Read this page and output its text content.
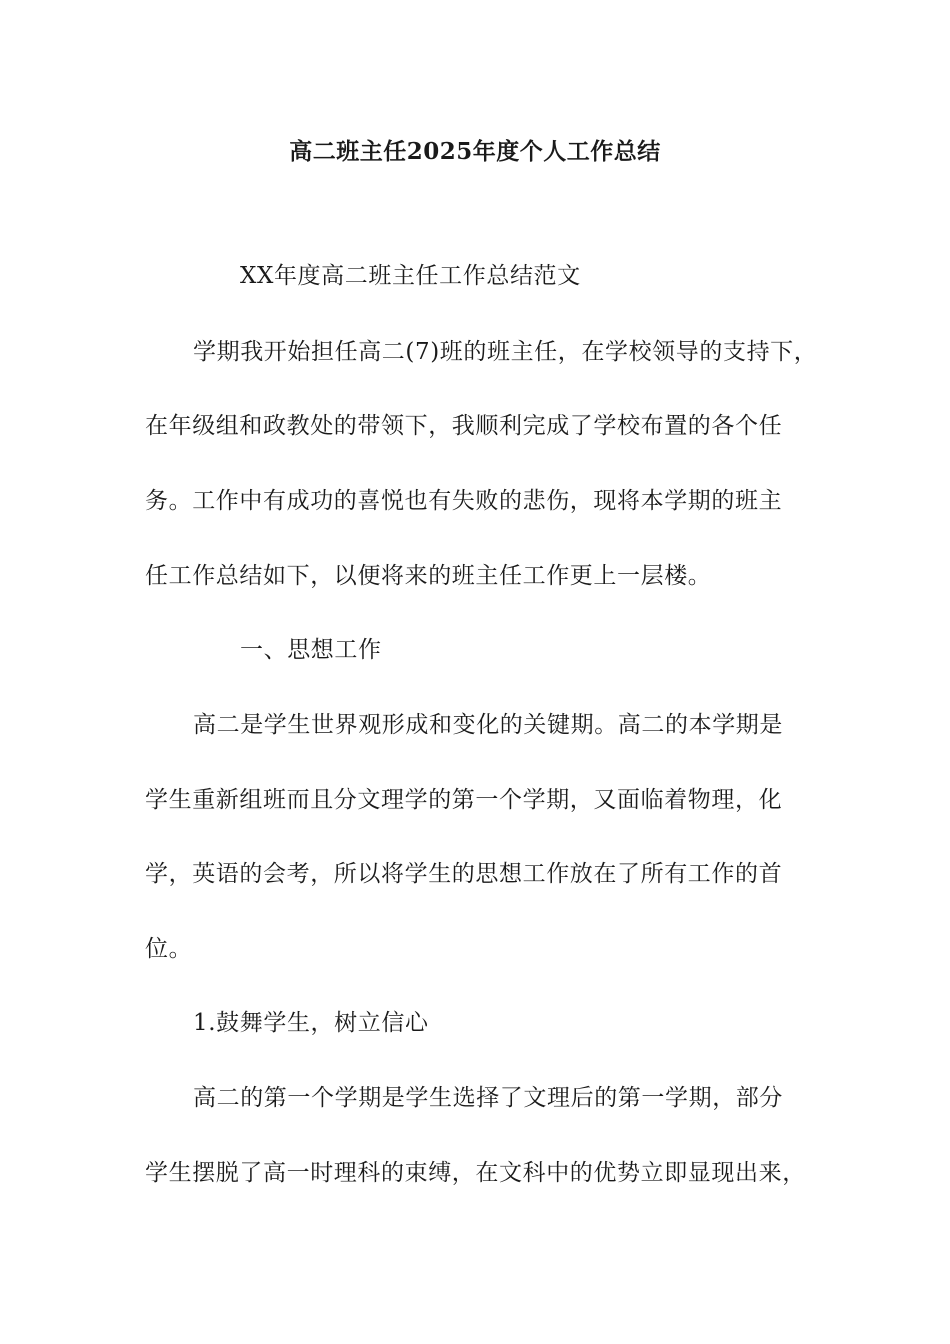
高二班主任2025年度个人工作总结
XX年度高二班主任工作总结范文
学期我开始担任高二(7)班的班主任，在学校领导的支持下，
在年级组和政教处的带领下，我顺利完成了学校布置的各个任
务。工作中有成功的喜悦也有失败的悲伤，现将本学期的班主
任工作总结如下，以便将来的班主任工作更上一层楼。
一、思想工作
高二是学生世界观形成和变化的关键期。高二的本学期是
学生重新组班而且分文理学的第一个学期，又面临着物理，化
学，英语的会考，所以将学生的思想工作放在了所有工作的首
位。
1.鼓舞学生，树立信心
高二的第一个学期是学生选择了文理后的第一学期，部分
学生摆脱了高一时理科的束缚，在文科中的优势立即显现出来，
